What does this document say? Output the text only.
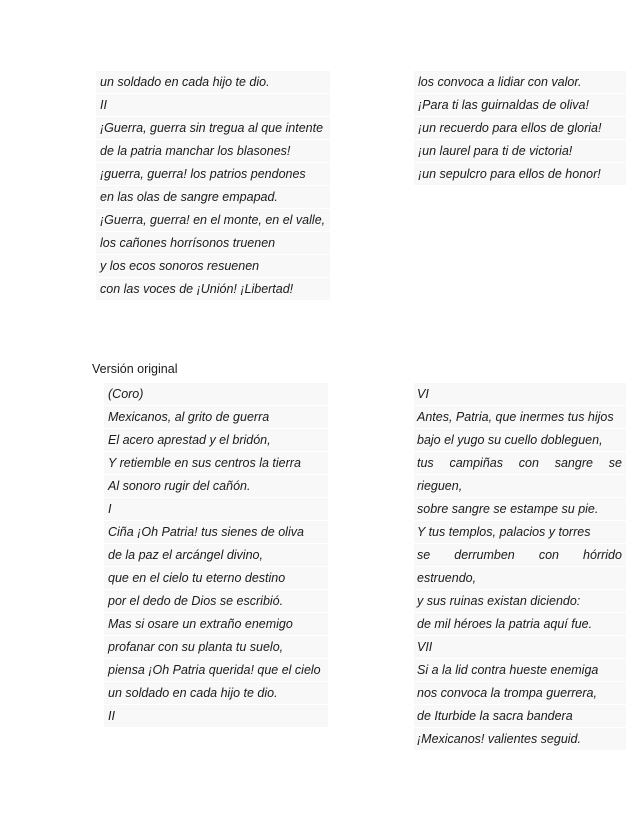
un soldado en cada hijo te dio.
II
¡Guerra, guerra sin tregua al que intente
de la patria manchar los blasones!
¡guerra, guerra! los patrios pendones
en las olas de sangre empapad.
¡Guerra, guerra! en el monte, en el valle,
los cañones horrísonos truenen
y los ecos sonoros resuenen
con las voces de ¡Unión! ¡Libertad!
los convoca a lidiar con valor.
¡Para ti las guirnaldas de oliva!
¡un recuerdo para ellos de gloria!
¡un laurel para ti de victoria!
¡un sepulcro para ellos de honor!
Versión original
(Coro)
Mexicanos, al grito de guerra
El acero aprestad y el bridón,
Y retiemble en sus centros la tierra
Al sonoro rugir del cañón.
I
Ciña ¡Oh Patria! tus sienes de oliva
de la paz el arcángel divino,
que en el cielo tu eterno destino
por el dedo de Dios se escribió.
Mas si osare un extraño enemigo
profanar con su planta tu suelo,
piensa ¡Oh Patria querida! que el cielo
un soldado en cada hijo te dio.
II
VI
Antes, Patria, que inermes tus hijos
bajo el yugo su cuello dobleguen,
tus campiñas con sangre se
rieguen,
sobre sangre se estampe su pie.
Y tus templos, palacios y torres
se derrumben con hórrido
estruendo,
y sus ruinas existan diciendo:
de mil héroes la patria aquí fue.
VII
Si a la lid contra hueste enemiga
nos convoca la trompa guerrera,
de Iturbide la sacra bandera
¡Mexicanos! valientes seguid.
